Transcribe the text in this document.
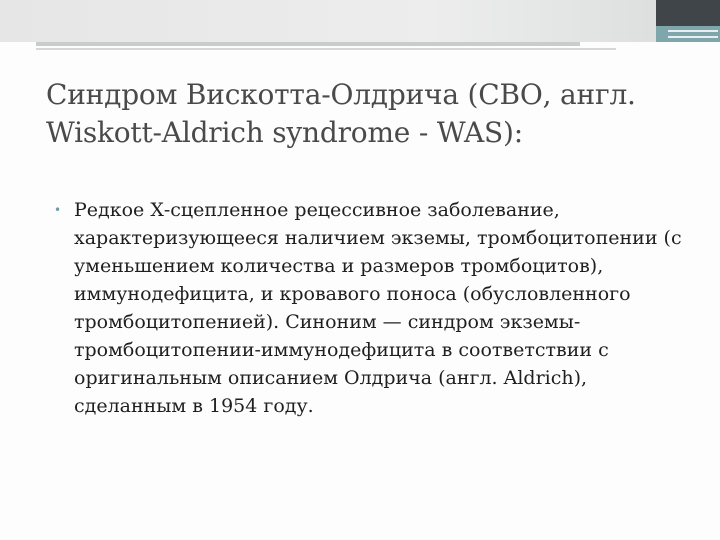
Синдром Вискотта-Олдрича (СВО, англ. Wiskott-Aldrich syndrome - WAS):
• Редкое Х-сцепленное рецессивное заболевание, характеризующееся наличием экземы, тромбоцитопении (с уменьшением количества и размеров тромбоцитов), иммунодефицита, и кровавого поноса (обусловленного тромбоцитопенией). Синоним — синдром экземы-тромбоцитопении-иммунодефицита в соответствии с оригинальным описанием Олдрича (англ. Aldrich), сделанным в 1954 году.
